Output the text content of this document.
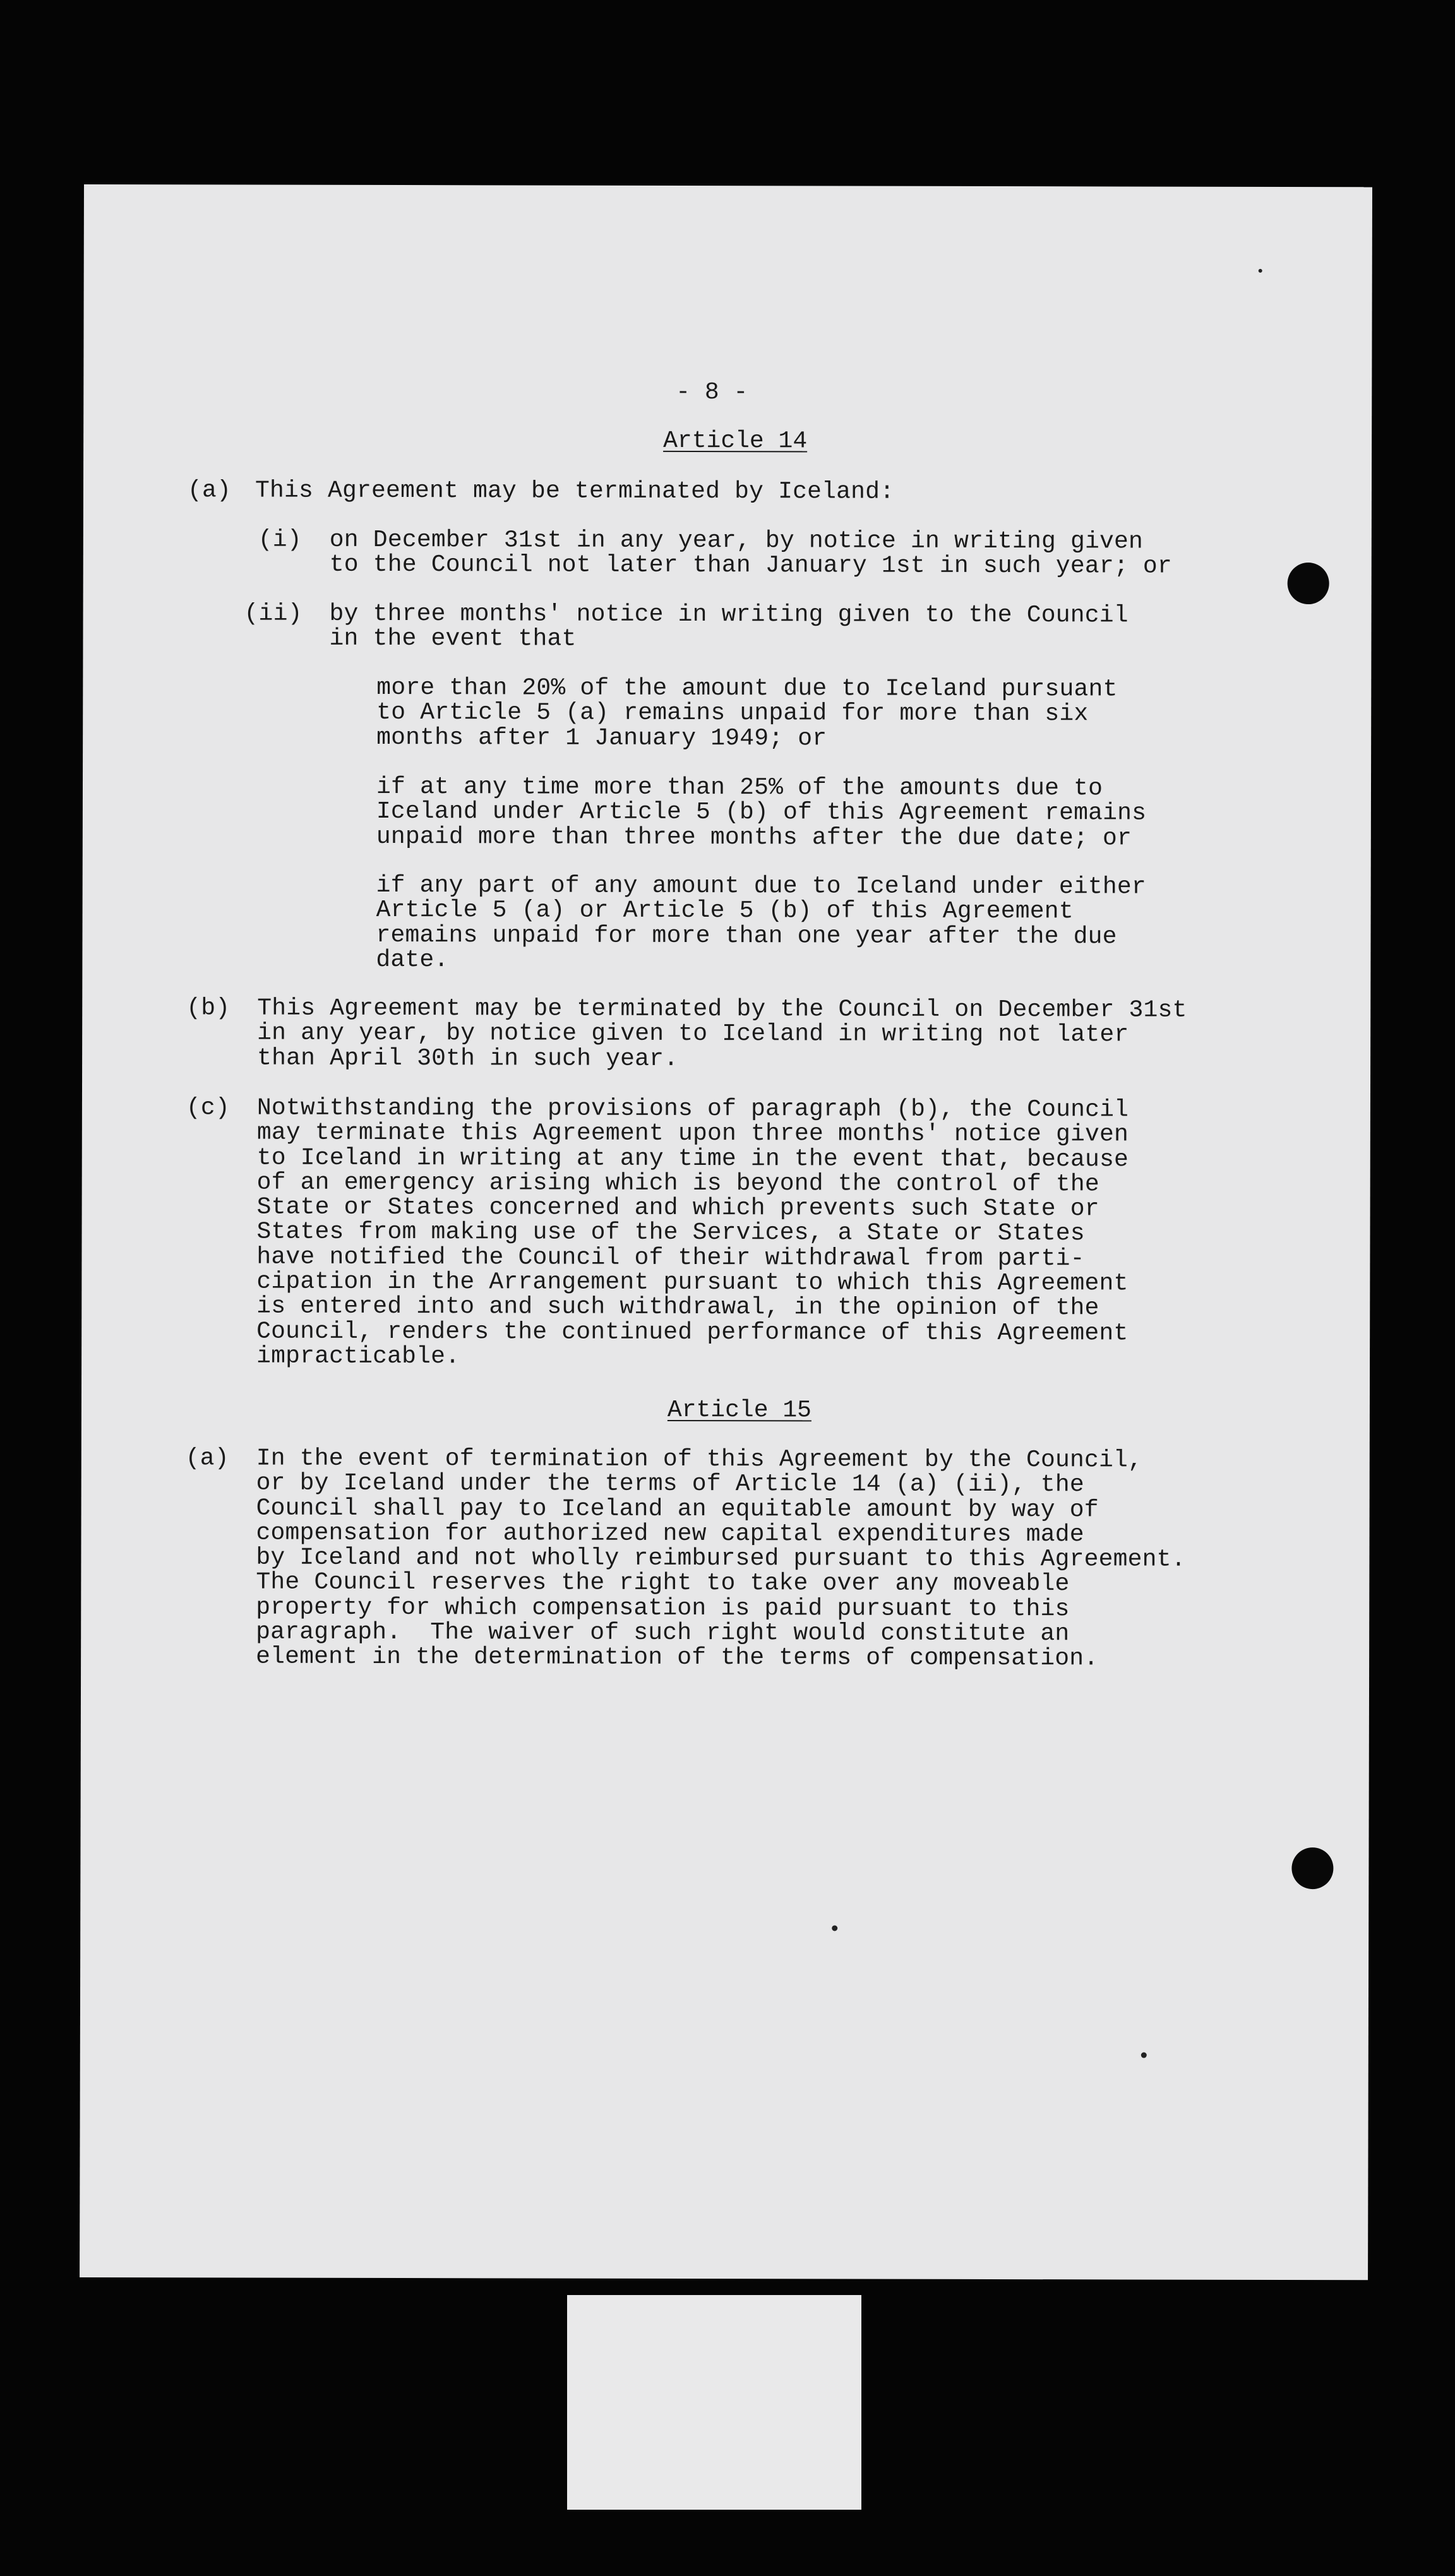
- 8 -
Article 14
(a) This Agreement may be terminated by Iceland:
(i) on December 31st in any year, by notice in writing given
to the Council not later than January 1st in such year; or
(ii) by three months' notice in writing given to the Council
in the event that
more than 20% of the amount due to Iceland pursuant
to Article 5 (a) remains unpaid for more than six
months after 1 January 1949; or
if at any time more than 25% of the amounts due to
Iceland under Article 5 (b) of this Agreement remains
unpaid more than three months after the due date; or
if any part of any amount due to Iceland under either
Article 5 (a) or Article 5 (b) of this Agreement
remains unpaid for more than one year after the due
date.
(b) This Agreement may be terminated by the Council on December 31st
in any year, by notice given to Iceland in writing not later
than April 30th in such year.
(c) Notwithstanding the provisions of paragraph (b), the Council
may terminate this Agreement upon three months' notice given
to Iceland in writing at any time in the event that, because
of an emergency arising which is beyond the control of the
State or States concerned and which prevents such State or
States from making use of the Services, a State or States
have notified the Council of their withdrawal from parti-
cipation in the Arrangement pursuant to which this Agreement
is entered into and such withdrawal, in the opinion of the
Council, renders the continued performance of this Agreement
impracticable.
Article 15
(a) In the event of termination of this Agreement by the Council,
or by Iceland under the terms of Article 14 (a) (ii), the
Council shall pay to Iceland an equitable amount by way of
compensation for authorized new capital expenditures made
by Iceland and not wholly reimbursed pursuant to this Agreement.
The Council reserves the right to take over any moveable
property for which compensation is paid pursuant to this
paragraph.  The waiver of such right would constitute an
element in the determination of the terms of compensation.
